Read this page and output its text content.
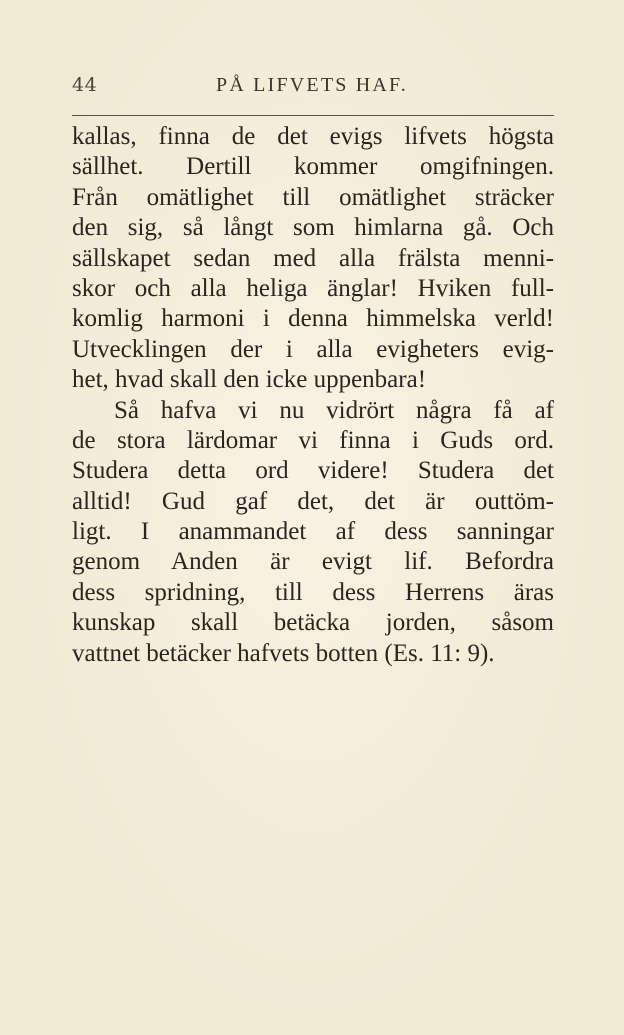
44	PÅ LIFVETS HAF.
kallas, finna de det evigs lifvets högsta
sällhet. Dertill kommer omgifningen.
Från omätlighet till omätlighet sträcker
den sig, så långt som himlarna gå. Och
sällskapet sedan med alla frälsta menni-
skor och alla heliga änglar! Hviken full-
komlig harmoni i denna himmelska verld!
Utvecklingen der i alla evigheters evig-
het, hvad skall den icke uppenbara!
Så hafva vi nu vidrört några få af
de stora lärdomar vi finna i Guds ord.
Studera detta ord videre! Studera det
alltid! Gud gaf det, det är outtöm-
ligt. I anammandet af dess sanningar
genom Anden är evigt lif. Befordra
dess spridning, till dess Herrens äras
kunskap skall betäcka jorden, såsom
vattnet betäcker hafvets botten (Es. 11: 9).
